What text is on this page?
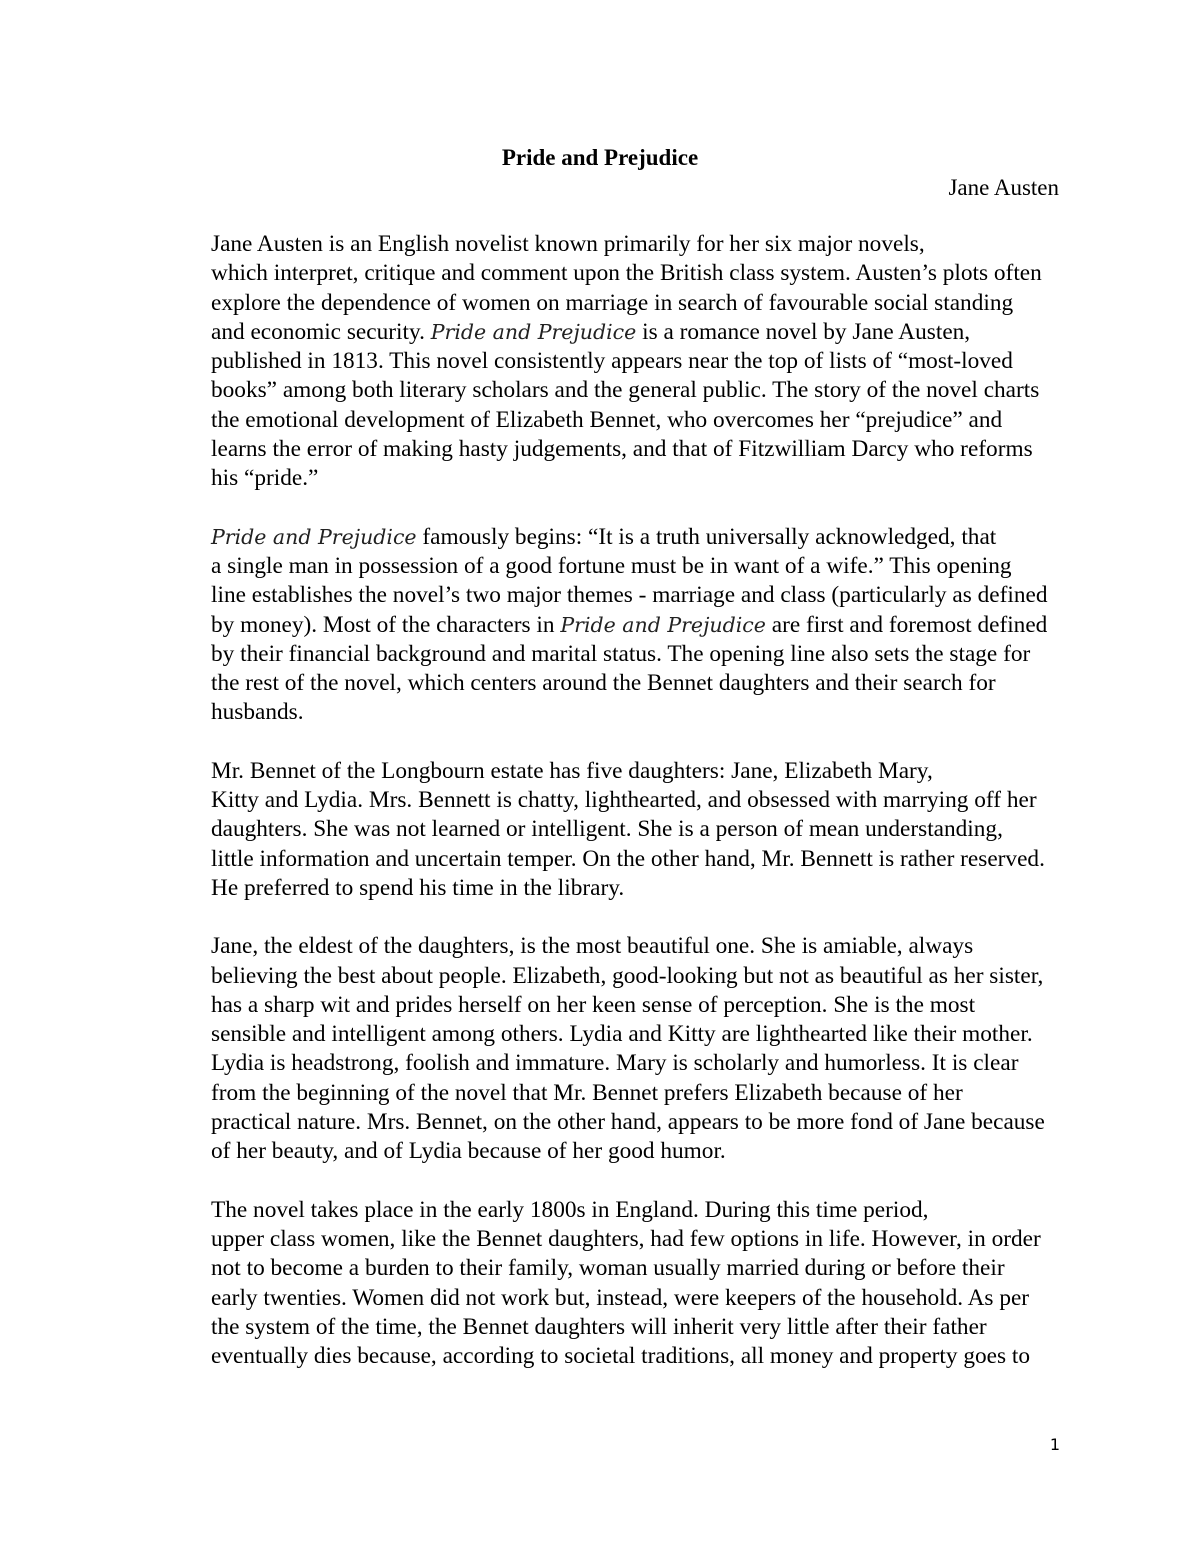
Pride and Prejudice
Jane Austen

Jane Austen is an English novelist known primarily for her six major novels,
which interpret, critique and comment upon the British class system. Austen’s plots often
explore the dependence of women on marriage in search of favourable social standing
and economic security. Pride and Prejudice is a romance novel by Jane Austen,
published in 1813. This novel consistently appears near the top of lists of “most-loved
books” among both literary scholars and the general public. The story of the novel charts
the emotional development of Elizabeth Bennet, who overcomes her “prejudice” and
learns the error of making hasty judgements, and that of Fitzwilliam Darcy who reforms
his “pride.”

Pride and Prejudice famously begins: “It is a truth universally acknowledged, that
a single man in possession of a good fortune must be in want of a wife.” This opening
line establishes the novel’s two major themes - marriage and class (particularly as defined
by money). Most of the characters in Pride and Prejudice are first and foremost defined
by their financial background and marital status. The opening line also sets the stage for
the rest of the novel, which centers around the Bennet daughters and their search for
husbands.

Mr. Bennet of the Longbourn estate has five daughters: Jane, Elizabeth Mary,
Kitty and Lydia. Mrs. Bennett is chatty, lighthearted, and obsessed with marrying off her
daughters. She was not learned or intelligent. She is a person of mean understanding,
little information and uncertain temper. On the other hand, Mr. Bennett is rather reserved.
He preferred to spend his time in the library.

Jane, the eldest of the daughters, is the most beautiful one. She is amiable, always
believing the best about people. Elizabeth, good-looking but not as beautiful as her sister,
has a sharp wit and prides herself on her keen sense of perception. She is the most
sensible and intelligent among others. Lydia and Kitty are lighthearted like their mother.
Lydia is headstrong, foolish and immature. Mary is scholarly and humorless. It is clear
from the beginning of the novel that Mr. Bennet prefers Elizabeth because of her
practical nature. Mrs. Bennet, on the other hand, appears to be more fond of Jane because
of her beauty, and of Lydia because of her good humor.

The novel takes place in the early 1800s in England. During this time period,
upper class women, like the Bennet daughters, had few options in life. However, in order
not to become a burden to their family, woman usually married during or before their
early twenties. Women did not work but, instead, were keepers of the household. As per
the system of the time, the Bennet daughters will inherit very little after their father
eventually dies because, according to societal traditions, all money and property goes to

1
